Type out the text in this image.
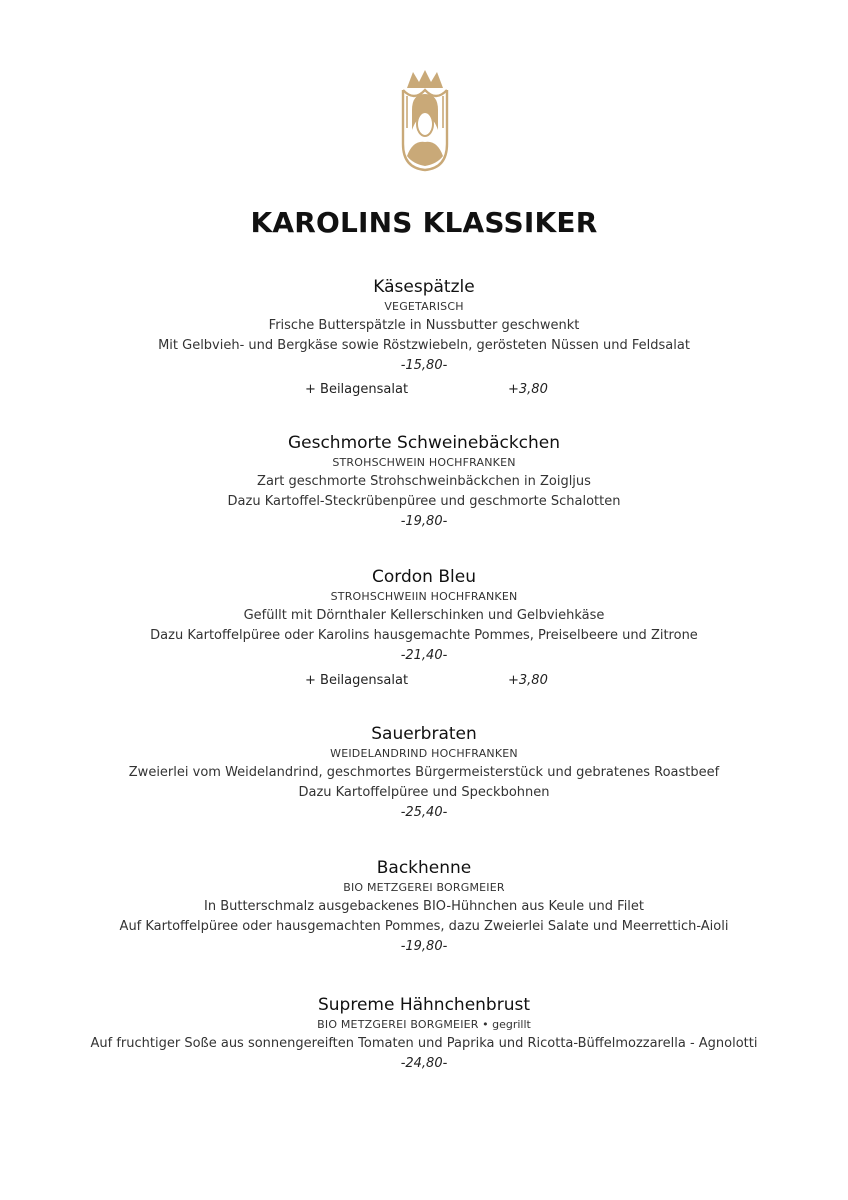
KAROLINS KLASSIKER
Käsespätzle
VEGETARISCH
Frische Butterspätzle in Nussbutter geschwenkt
Mit Gelbvieh- und Bergkäse sowie Röstzwiebeln, gerösteten Nüssen und Feldsalat
-15,80-
+ Beilagensalat	+3,80
Geschmorte Schweinebäckchen
STROHSCHWEIN HOCHFRANKEN
Zart geschmorte Strohschweinbäckchen in Zoigljus
Dazu Kartoffel-Steckrübenpüree und geschmorte Schalotten
-19,80-
Cordon Bleu
STROHSCHWEIIN HOCHFRANKEN
Gefüllt mit Dörnthaler Kellerschinken und Gelbviehkäse
Dazu Kartoffelpüree oder Karolins hausgemachte Pommes, Preiselbeere und Zitrone
-21,40-
+ Beilagensalat	+3,80
Sauerbraten
WEIDELANDRIND HOCHFRANKEN
Zweierlei vom Weidelandrind, geschmortes Bürgermeisterstück und gebratenes Roastbeef
Dazu Kartoffelpüree und Speckbohnen
-25,40-
Backhenne
BIO METZGEREI BORGMEIER
In Butterschmalz ausgebackenes BIO-Hühnchen aus Keule und Filet
Auf Kartoffelpüree oder hausgemachten Pommes, dazu Zweierlei Salate und Meerrettich-Aioli
-19,80-
Supreme Hähnchenbrust
BIO METZGEREI BORGMEIER • gegrillt
Auf fruchtiger Soße aus sonnengereiften Tomaten und Paprika und Ricotta-Büffelmozzarella - Agnolotti
-24,80-
